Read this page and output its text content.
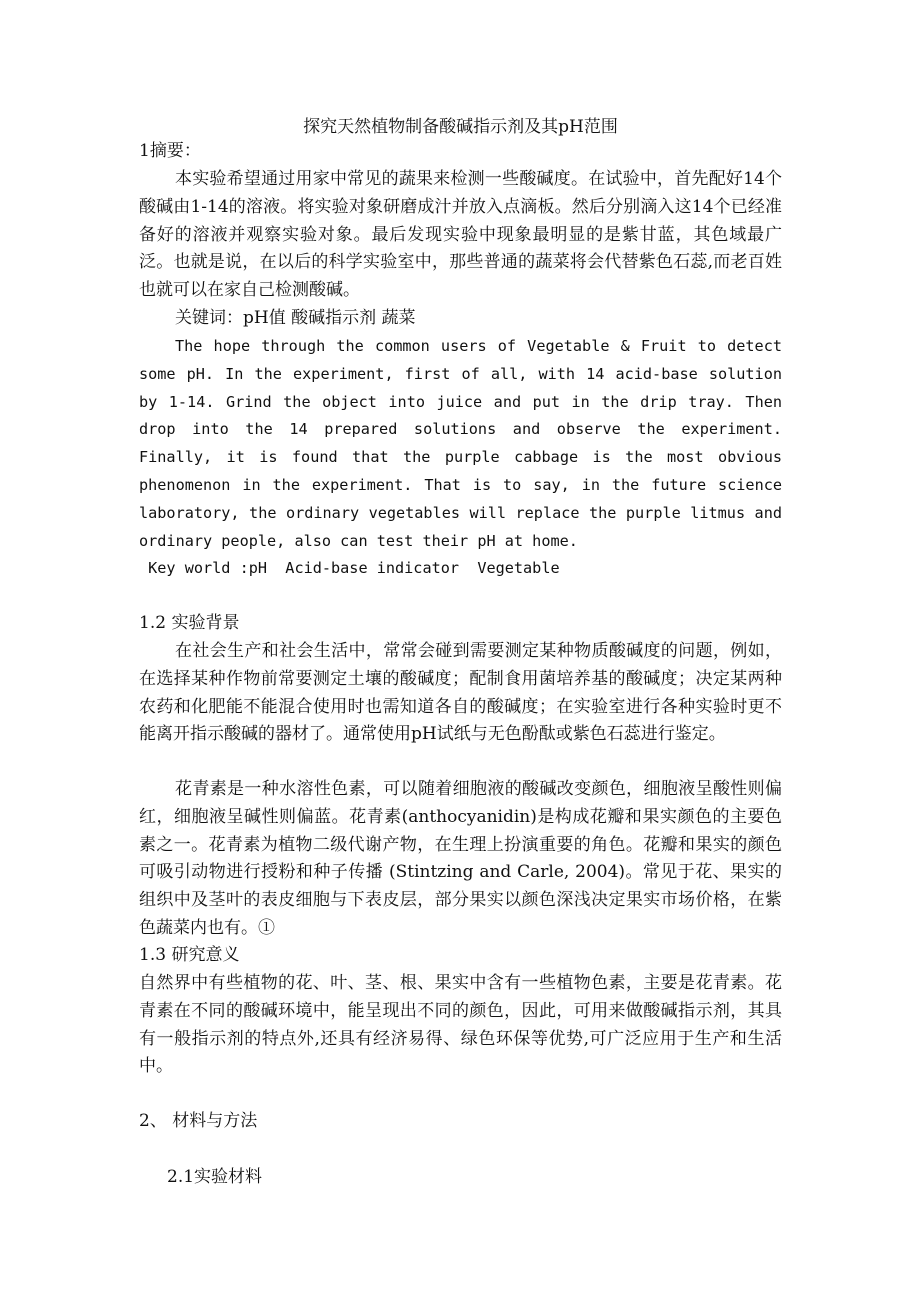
探究天然植物制备酸碱指示剂及其pH范围

1摘要：

本实验希望通过用家中常见的蔬果来检测一些酸碱度。在试验中，首先配好14个酸碱由1-14的溶液。将实验对象研磨成汁并放入点滴板。然后分别滴入这14个已经准备好的溶液并观察实验对象。最后发现实验中现象最明显的是紫甘蓝，其色域最广泛。也就是说，在以后的科学实验室中，那些普通的蔬菜将会代替紫色石蕊,而老百姓也就可以在家自己检测酸碱。

关键词：pH值 酸碱指示剂 蔬菜

The hope through the common users of Vegetable & Fruit to detect some pH. In the experiment, first of all, with 14 acid-base solution by 1-14. Grind the object into juice and put in the drip tray. Then drop into the 14 prepared solutions and observe the experiment. Finally, it is found that the purple cabbage is the most obvious phenomenon in the experiment. That is to say, in the future science laboratory, the ordinary vegetables will replace the purple litmus and ordinary people, also can test their pH at home.

Key world :pH  Acid-base indicator  Vegetable

1.2 实验背景

在社会生产和社会生活中，常常会碰到需要测定某种物质酸碱度的问题，例如，在选择某种作物前常要测定土壤的酸碱度；配制食用菌培养基的酸碱度；决定某两种农药和化肥能不能混合使用时也需知道各自的酸碱度；在实验室进行各种实验时更不能离开指示酸碱的器材了。通常使用pH试纸与无色酚酞或紫色石蕊进行鉴定。

花青素是一种水溶性色素，可以随着细胞液的酸碱改变颜色，细胞液呈酸性则偏红，细胞液呈碱性则偏蓝。花青素(anthocyanidin)是构成花瓣和果实颜色的主要色素之一。花青素为植物二级代谢产物，在生理上扮演重要的角色。花瓣和果实的颜色可吸引动物进行授粉和种子传播 (Stintzing and Carle, 2004)。常见于花、果实的组织中及茎叶的表皮细胞与下表皮层，部分果实以颜色深浅决定果实市场价格，在紫色蔬菜内也有。①

1.3 研究意义

自然界中有些植物的花、叶、茎、根、果实中含有一些植物色素，主要是花青素。花青素在不同的酸碱环境中，能呈现出不同的颜色，因此，可用来做酸碱指示剂，其具有一般指示剂的特点外,还具有经济易得、绿色环保等优势,可广泛应用于生产和生活中。

2、 材料与方法

2.1实验材料
